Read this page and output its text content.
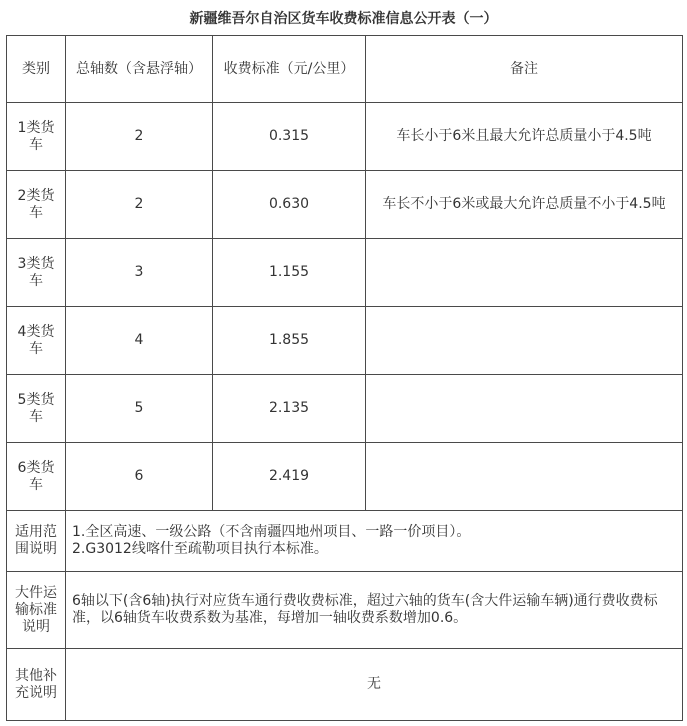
新疆维吾尔自治区货车收费标准信息公开表（一）
类别	总轴数（含悬浮轴）	收费标准（元/公里）	备注
1类货车	2	0.315	车长小于6米且最大允许总质量小于4.5吨
2类货车	2	0.630	车长不小于6米或最大允许总质量不小于4.5吨
3类货车	3	1.155	
4类货车	4	1.855	
5类货车	5	2.135	
6类货车	6	2.419	
适用范围说明	1.全区高速、一级公路（不含南疆四地州项目、一路一价项目）。
2.G3012线喀什至疏勒项目执行本标准。		

大件运输标准说明	6轴以下(含6轴)执行对应货车通行费收费标准，超过六轴的货车(含大件运输车辆)通行费收费标准，以6轴货车收费系数为基准，每增加一轴收费系数增加0.6。		
其他补充说明	无		
